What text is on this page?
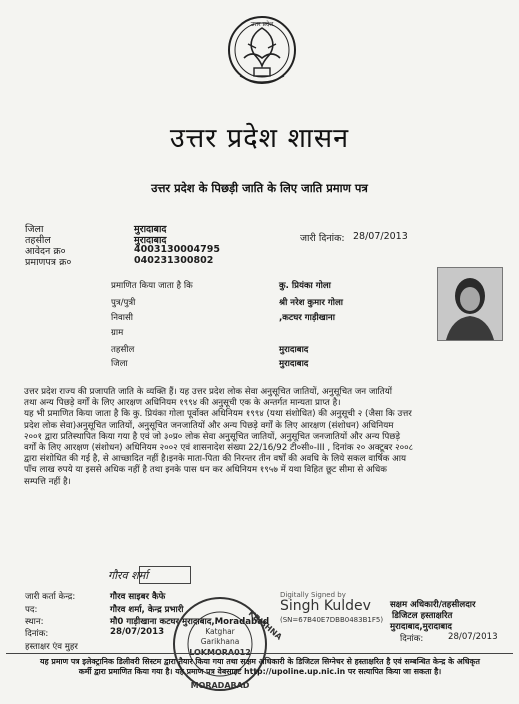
उत्तर प्रदेश
उत्तर प्रदेश शासन
उत्तर प्रदेश के पिछड़ी जाति के लिए जाति प्रमाण पत्र
जिला	मुरादाबाद
तहसील	मुरादाबाद
आवेदन क्र०	4003130004795
प्रमाणपत्र क्र०	040231300802
जारी दिनांक: 28/07/2013
प्रमाणित किया जाता है कि	कु. प्रियंका गोला
पुत्र/पुत्री	श्री नरेश कुमार गोला
निवासी	,कटघर गाड़ीखाना
ग्राम
तहसील	मुरादाबाद
जिला	मुरादाबाद
उत्तर प्रदेश राज्य की प्रजापति जाति के व्यक्ति हैं। यह उत्तर प्रदेश लोक सेवा अनुसूचित जातियों, अनुसूचित जन जातियों
तथा अन्य पिछड़े वर्गों के लिए आरक्षण अधिनियम १९९४ की अनुसूची एक के अन्तर्गत मान्यता प्राप्त है।
यह भी प्रमाणित किया जाता है कि कु. प्रियंका गोला पूर्वोक्त अधिनियम १९९४ (यथा संशोधित) की अनुसूची २ (जैसा कि उत्तर
प्रदेश लोक सेवा)अनुसूचित जातियों, अनुसूचित जनजातियों और अन्य पिछड़े वर्गों के लिए आरक्षण (संशोधन) अधिनियम
२००१ द्वारा प्रतिस्थापित किया गया है एवं जो ३०प्र० लोक सेवा अनुसूचित जातियों, अनुसूचित जनजातियों और अन्य पिछड़े
वर्गों के लिए आरक्षण (संशोधन) अधिनियम २००२ एवं शासनादेश संख्या 22/16/92 टी०सी०-III , दिनांक २० अक्टूबर २००८
द्वारा संशोधित की गई है, से आच्छादित नहीं है।इनके माता-पिता की निरन्तर तीन वर्षों की अवधि के लिये सकल वार्षिक आय
पाँच लाख रुपये या इससे अधिक नहीं है तथा इनके पास धन कर अधिनियम १९५७ में यथा विहित छूट सीमा से अधिक
सम्पत्ति नहीं है।
गौरव शर्मा
जारी कर्ता केन्द्र:	गौरव साइबर कैफे
पद:	गौरव शर्मा, केन्द्र प्रभारी
स्थान:	मौ0 गाड़ीखाना कटघर मुरादाबाद,Moradabad
दिनांक:	28/07/2013
हस्ताक्षर एंव मुहर
KRISHNA
Katghar
Garikhana
MORADABAD
Digitally Signed by
Singh Kuldev
(SN=67B40E7DBB0483B1F5)
सक्षम अधिकारी/तहसीलदार
डिजिटल हस्ताक्षरित
मुरादाबाद,मुरादाबाद
दिनांक:	28/07/2013
यह प्रमाण पत्र इलेक्ट्रानिक डिलीवरी सिस्टम द्वारा तैयार किया गया तथा सक्षम अधिकारी के डिजिटल सिग्नेचर से हस्ताक्षरित है एवं सम्बन्धित केन्द्र के अधिकृत
कर्मी द्वारा प्रमाणित किया गया है। यह प्रमाण पत्र वेबसाइट http://upoline.up.nic.in पर सत्यापित किया जा सकता है।
